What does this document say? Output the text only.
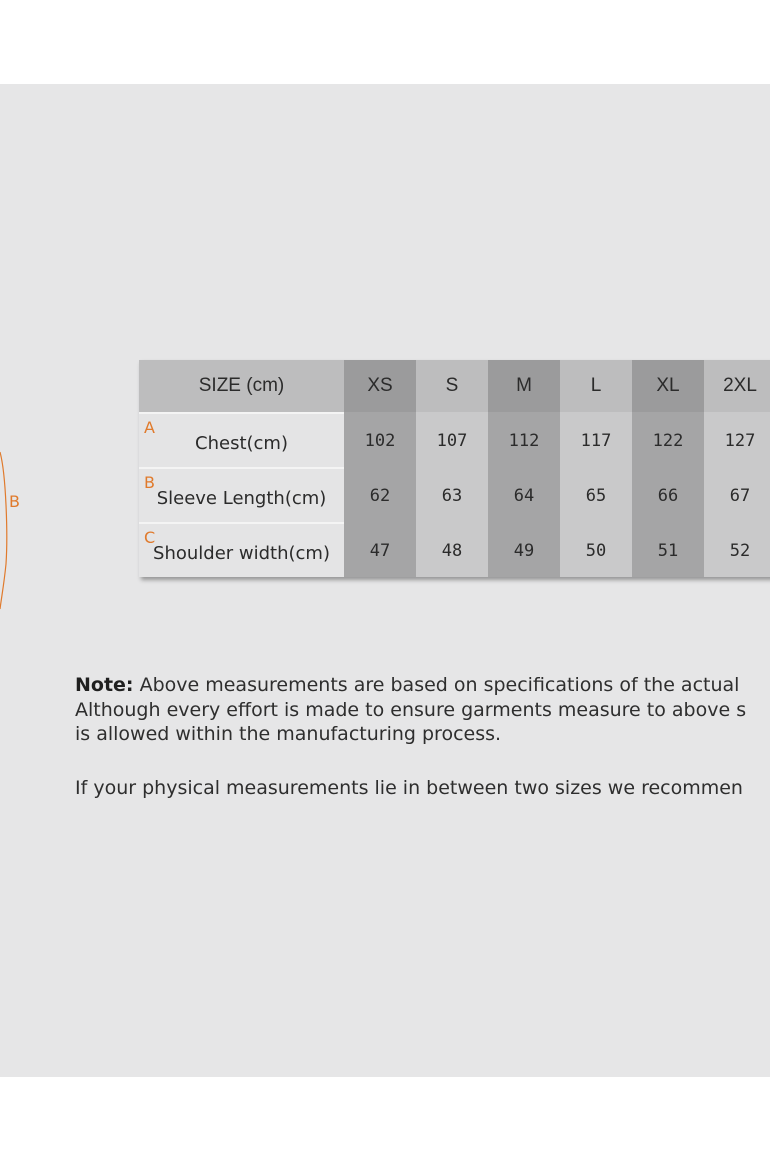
B
SIZE (cm)	XS	S	M	L	XL	2XL
A
Chest(cm)	102	107	112	117	122	127
B
Sleeve Length(cm)	62	63	64	65	66	67
C
Shoulder width(cm)	47	48	49	50	51	52

Note: Above measurements are based on specifications of the actual

Although every effort is made to ensure garments measure to above s

is allowed within the manufacturing process.

If your physical measurements lie in between two sizes we recommen
